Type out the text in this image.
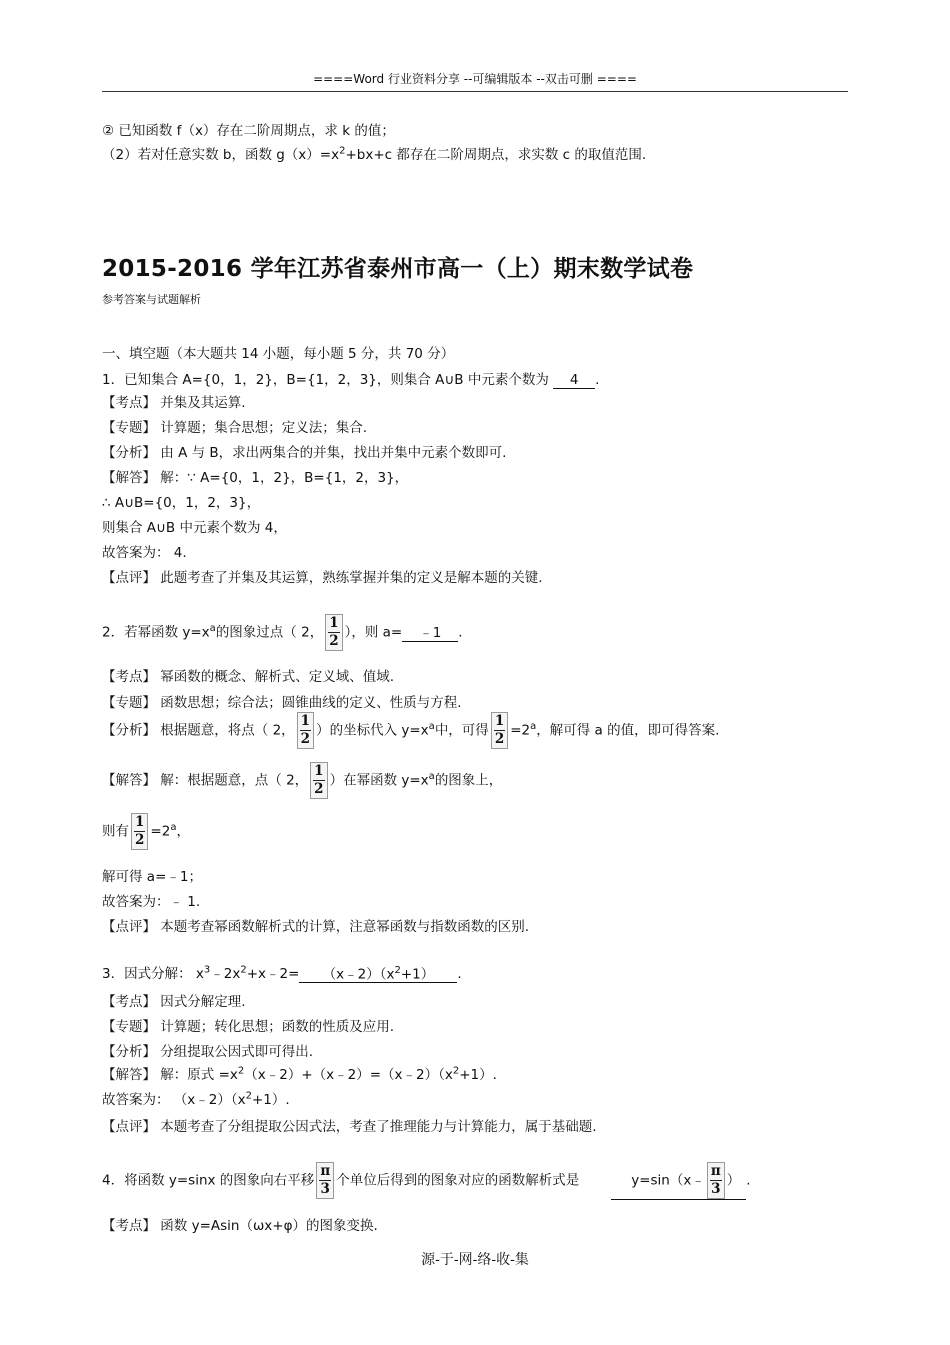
====Word 行业资料分享 --可编辑版本 --双击可删 ====
② 已知函数 f（x）存在二阶周期点，求 k 的值；
（2）若对任意实数 b，函数 $g(x)=x^2+bx+c$ 都存在二阶周期点，求实数 c 的取值范围.
2015-2016 学年江苏省泰州市高一（上）期末数学试卷
参考答案与试题解析
一、填空题（本大题共 14 小题，每小题 5 分，共 70 分）
1．已知集合 A={0，1，2}，B={1，2，3}，则集合 A∪B 中元素个数为 4 .
【考点】 并集及其运算.
【专题】 计算题；集合思想；定义法；集合.
【分析】 由 A 与 B，求出两集合的并集，找出并集中元素个数即可.
【解答】 解：∵ A={0，1，2}，B={1，2，3}，
∴ A∪B={0，1，2，3}，
则集合 A∪B 中元素个数为 4，
故答案为： 4.
【点评】 此题考查了并集及其运算，熟练掌握并集的定义是解本题的关键.
2．若幂函数 $y=x^a$的图象过点（ 2， $\frac{1}{2}$ ），则 a= ﹣1 .
【考点】 幂函数的概念、解析式、定义域、值域.
【专题】 函数思想；综合法；圆锥曲线的定义、性质与方程.
【分析】 根据题意，将点（ 2， $\frac{1}{2}$ ）的坐标代入 $y=x^a$中，可得 $\frac{1}{2} =2^a$，解可得 a 的值，即可得答案.
【解答】 解：根据题意，点（ 2， $\frac{1}{2}$ ）在幂函数 $y=x^a$的图象上，
则有 $\frac{1}{2} =2^a$，
解可得 a=﹣1；
故答案为：﹣ 1.
【点评】 本题考查幂函数解析式的计算，注意幂函数与指数函数的区别.
3．因式分解： $x^3﹣2x^2+x﹣2=$ $(x﹣2)(x^2+1)$ .
【考点】 因式分解定理.
【专题】 计算题；转化思想；函数的性质及应用.
【分析】 分组提取公因式即可得出.
【解答】 解：原式 $=x^2(x﹣2)+(x﹣2)=(x﹣2)(x^2+1)$.
故答案为： $(x﹣2)(x^2+1)$.
【点评】 本题考查了分组提取公因式法，考查了推理能力与计算能力，属于基础题.
4．将函数 y=sinx 的图象向右平移 $\frac{\pi}{3}$ 个单位后得到的图象对应的函数解析式是	y=sin（x﹣ $\frac{\pi}{3}$ ） .
【考点】 函数 y=Asin（ωx+φ）的图象变换.
源-于-网-络-收-集
